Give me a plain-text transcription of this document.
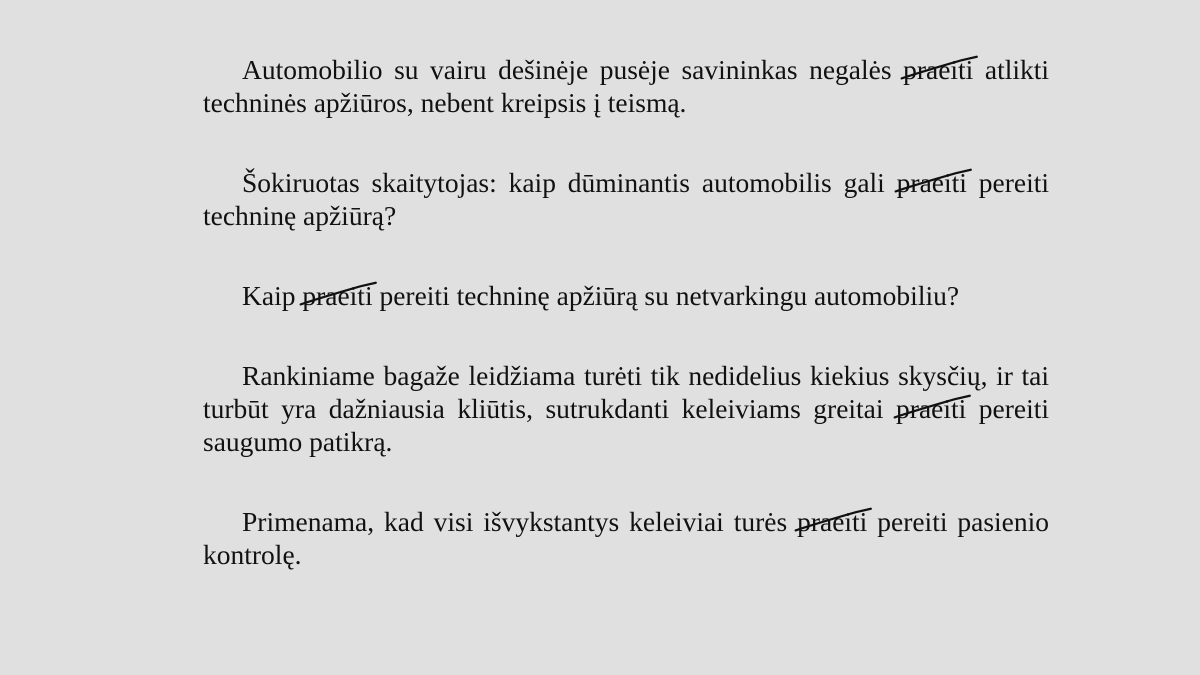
Automobilio su vairu dešinėje pusėje savininkas negalės praeiti atlikti techninės apžiūros, nebent kreipsis į teismą.

Šokiruotas skaitytojas: kaip dūminantis automobilis gali praeiti pereiti techninę apžiūrą?

Kaip praeiti pereiti techninę apžiūrą su netvarkingu automobiliu?

Rankiniame bagaže leidžiama turėti tik nedidelius kiekius skysčių, ir tai turbūt yra dažniausia kliūtis, sutrukdanti keleiviams greitai praeiti pereiti saugumo patikrą.

Primenama, kad visi išvykstantys keleiviai turės praeiti pereiti pasienio kontrolę.
